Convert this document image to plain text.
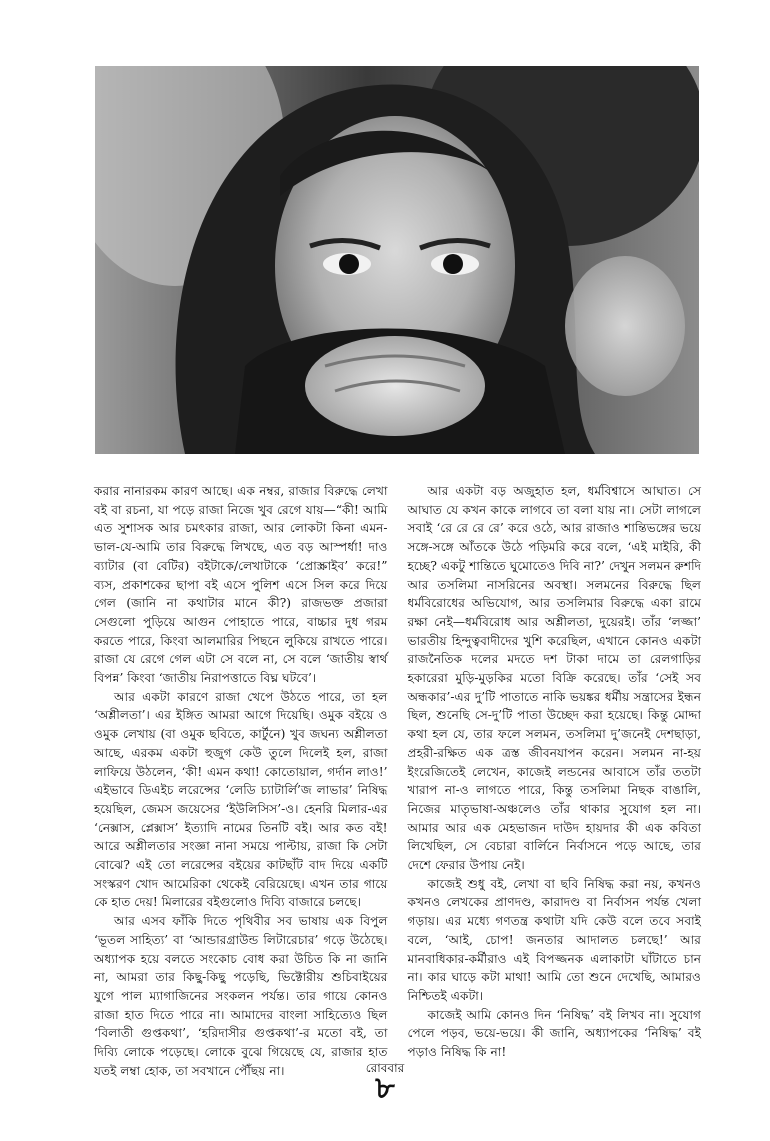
করার নানারকম কারণ আছে। এক নম্বর, রাজার বিরুদ্ধে লেখা বই বা রচনা, যা পড়ে রাজা নিজে খুব রেগে যায়—“কী! আমি এত সুশাসক আর চমৎকার রাজা, আর লোকটা কিনা এমন-ভাল-যে-আমি তার বিরুদ্ধে লিখছে, এত বড় আস্পর্ধা! দাও ব্যাটার (বা বেটির) বইটাকে/লেখাটাকে ‘প্রোস্ক্রাইব’ করে!” ব্যস, প্রকাশকের ছাপা বই এসে পুলিশ এসে সিল করে দিয়ে গেল (জানি না কথাটার মানে কী?) রাজভক্ত প্রজারা সেগুলো পুড়িয়ে আগুন পোহাতে পারে, বাচ্চার দুধ গরম করতে পারে, কিংবা আলমারির পিছনে লুকিয়ে রাখতে পারে। রাজা যে রেগে গেল এটা সে বলে না, সে বলে ‘জাতীয় স্বার্থ বিপন্ন’ কিংবা ‘জাতীয় নিরাপত্তাতে বিঘ্ন ঘটবে’।

আর একটা কারণে রাজা খেপে উঠতে পারে, তা হল ‘অশ্লীলতা’। এর ইঙ্গিত আমরা আগে দিয়েছি। ওমুক বইয়ে ও ওমুক লেখায় (বা ওমুক ছবিতে, কার্টুনে) খুব জঘন্য অশ্লীলতা আছে, এরকম একটা হুজুগ কেউ তুলে দিলেই হল, রাজা লাফিয়ে উঠলেন, ‘কী! এমন কথা! কোতোয়াল, গর্দান লাও!’ এইভাবে ডিএইচ লরেন্সের ‘লেডি চ্যাটার্লি’জ লাভার’ নিষিদ্ধ হয়েছিল, জেমস জয়েসের ‘ইউলিসিস’-ও। হেনরি মিলার-এর ‘নেক্সাস, প্লেক্সাস’ ইত্যাদি নামের তিনটি বই। আর কত বই! আরে অশ্লীলতার সংজ্ঞা নানা সময়ে পাল্টায়, রাজা কি সেটা বোঝে? এই তো লরেন্সের বইয়ের কাটছাঁট বাদ দিয়ে একটি সংস্করণ খোদ আমেরিকা থেকেই বেরিয়েছে। এখন তার গায়ে কে হাত দেয়! মিলারের বইগুলোও দিব্যি বাজারে চলছে।

আর এসব ফাঁকি দিতে পৃথিবীর সব ভাষায় এক বিপুল ‘ভূতল সাহিত্য’ বা ‘আন্ডারগ্রাউন্ড লিটারেচার’ গড়ে উঠেছে। অধ্যাপক হয়ে বলতে সংকোচ বোধ করা উচিত কি না জানি না, আমরা তার কিছু-কিছু পড়েছি, ভিক্টোরীয় শুচিবাইয়ের যুগে পাল ম্যাগাজিনের সংকলন পর্যন্ত। তার গায়ে কোনও রাজা হাত দিতে পারে না। আমাদের বাংলা সাহিত্যেও ছিল ‘বিলাতী গুপ্তকথা’, ‘হরিদাসীর গুপ্তকথা’-র মতো বই, তা দিব্যি লোকে পড়েছে। লোকে বুঝে গিয়েছে যে, রাজার হাত যতই লম্বা হোক, তা সবখানে পৌঁছয় না।

আর একটা বড় অজুহাত হল, ধর্মবিশ্বাসে আঘাত। সে আঘাত যে কখন কাকে লাগবে তা বলা যায় না। সেটা লাগলে সবাই ‘রে রে রে রে’ করে ওঠে, আর রাজাও শান্তিভঙ্গের ভয়ে সঙ্গে-সঙ্গে আঁতকে উঠে পড়িমরি করে বলে, ‘এই মাইরি, কী হচ্ছে? একটু শান্তিতে ঘুমোতেও দিবি না?’ দেখুন সলমন রুশদি আর তসলিমা নাসরিনের অবস্থা। সলমনের বিরুদ্ধে ছিল ধর্মবিরোধের অভিযোগ, আর তসলিমার বিরুদ্ধে একা রামে রক্ষা নেই—ধর্মবিরোধ আর অশ্লীলতা, দুয়েরই। তাঁর ‘লজ্জা’ ভারতীয় হিন্দুত্ববাদীদের খুশি করেছিল, এখানে কোনও একটা রাজনৈতিক দলের মদতে দশ টাকা দামে তা রেলগাড়ির হকারেরা মুড়ি-মুড়কির মতো বিক্রি করেছে। তাঁর ‘সেই সব অন্ধকার’-এর দু’টি পাতাতে নাকি ভয়ঙ্কর ধর্মীয় সন্ত্রাসের ইন্ধন ছিল, শুনেছি সে-দু’টি পাতা উচ্ছেদ করা হয়েছে। কিন্তু মোদ্দা কথা হল যে, তার ফলে সলমন, তসলিমা দু’জনেই দেশছাড়া, প্রহরী-রক্ষিত এক ত্রস্ত জীবনযাপন করেন। সলমন না-হয় ইংরেজিতেই লেখেন, কাজেই লন্ডনের আবাসে তাঁর ততটা খারাপ না-ও লাগতে পারে, কিন্তু তসলিমা নিছক বাঙালি, নিজের মাতৃভাষা-অঞ্চলেও তাঁর থাকার সুযোগ হল না। আমার আর এক মেহভাজন দাউদ হায়দার কী এক কবিতা লিখেছিল, সে বেচারা বার্লিনে নির্বাসনে পড়ে আছে, তার দেশে ফেরার উপায় নেই।

কাজেই শুধু বই, লেখা বা ছবি নিষিদ্ধ করা নয়, কখনও কখনও লেখকের প্রাণদণ্ড, কারাদণ্ড বা নির্বাসন পর্যন্ত খেলা গড়ায়। এর মধ্যে গণতন্ত্র কথাটা যদি কেউ বলে তবে সবাই বলে, ‘আই, চোপ! জনতার আদালত চলছে!’ আর মানবাধিকার-কর্মীরাও এই বিপজ্জনক এলাকাটা ঘাঁটাতে চান না। কার ঘাড়ে কটা মাথা! আমি তো শুনে দেখেছি, আমারও নিশ্চিতই একটা।

কাজেই আমি কোনও দিন ‘নিষিদ্ধ’ বই লিখব না। সুযোগ পেলে পড়ব, ভয়ে-ভয়ে। কী জানি, অধ্যাপকের ‘নিষিদ্ধ’ বই পড়াও নিষিদ্ধ কি না!

রোববার
৮
